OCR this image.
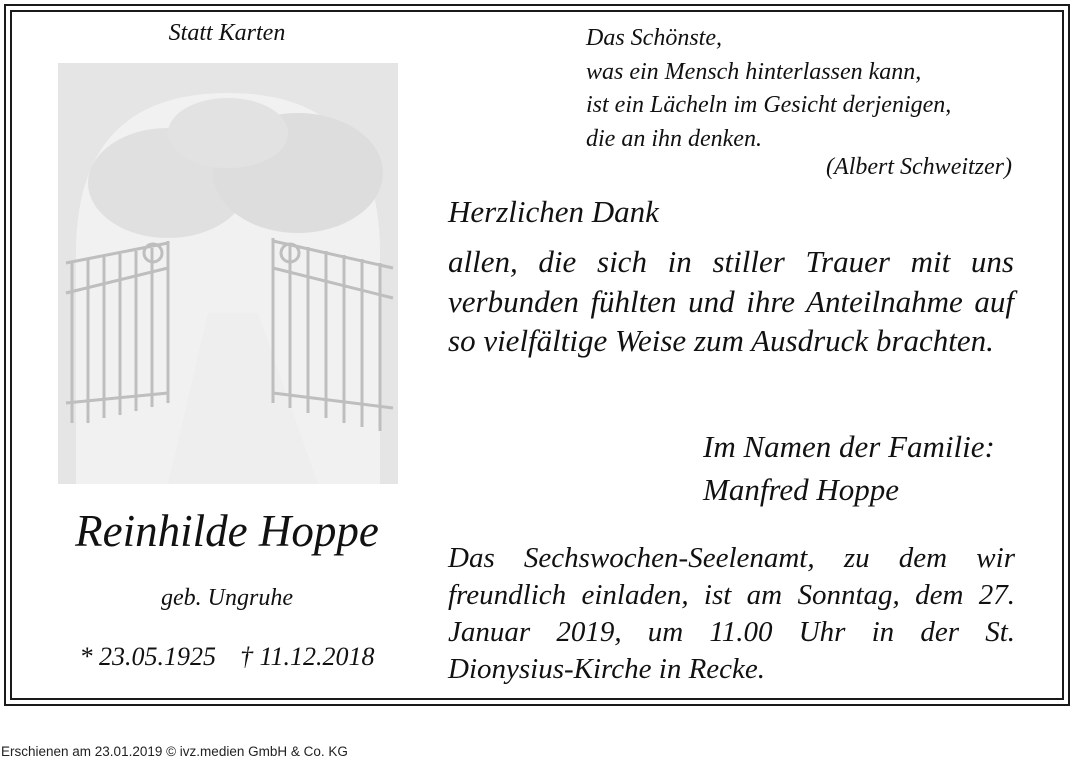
Statt Karten
Reinhilde Hoppe
geb. Ungruhe
* 23.05.1925 † 11.12.2018
Das Schönste,
was ein Mensch hinterlassen kann,
ist ein Lächeln im Gesicht derjenigen,
die an ihn denken.
(Albert Schweitzer)
Herzlichen Dank
allen, die sich in stiller Trauer mit uns verbunden fühlten und ihre Anteilnahme auf so vielfältige Weise zum Ausdruck brachten.
Im Namen der Familie:
Manfred Hoppe
Das Sechswochen-Seelenamt, zu dem wir freundlich einladen, ist am Sonntag, dem 27. Januar 2019, um 11.00 Uhr in der St. Dionysius-Kirche in Recke.
Erschienen am 23.01.2019 © ivz.medien GmbH & Co. KG
